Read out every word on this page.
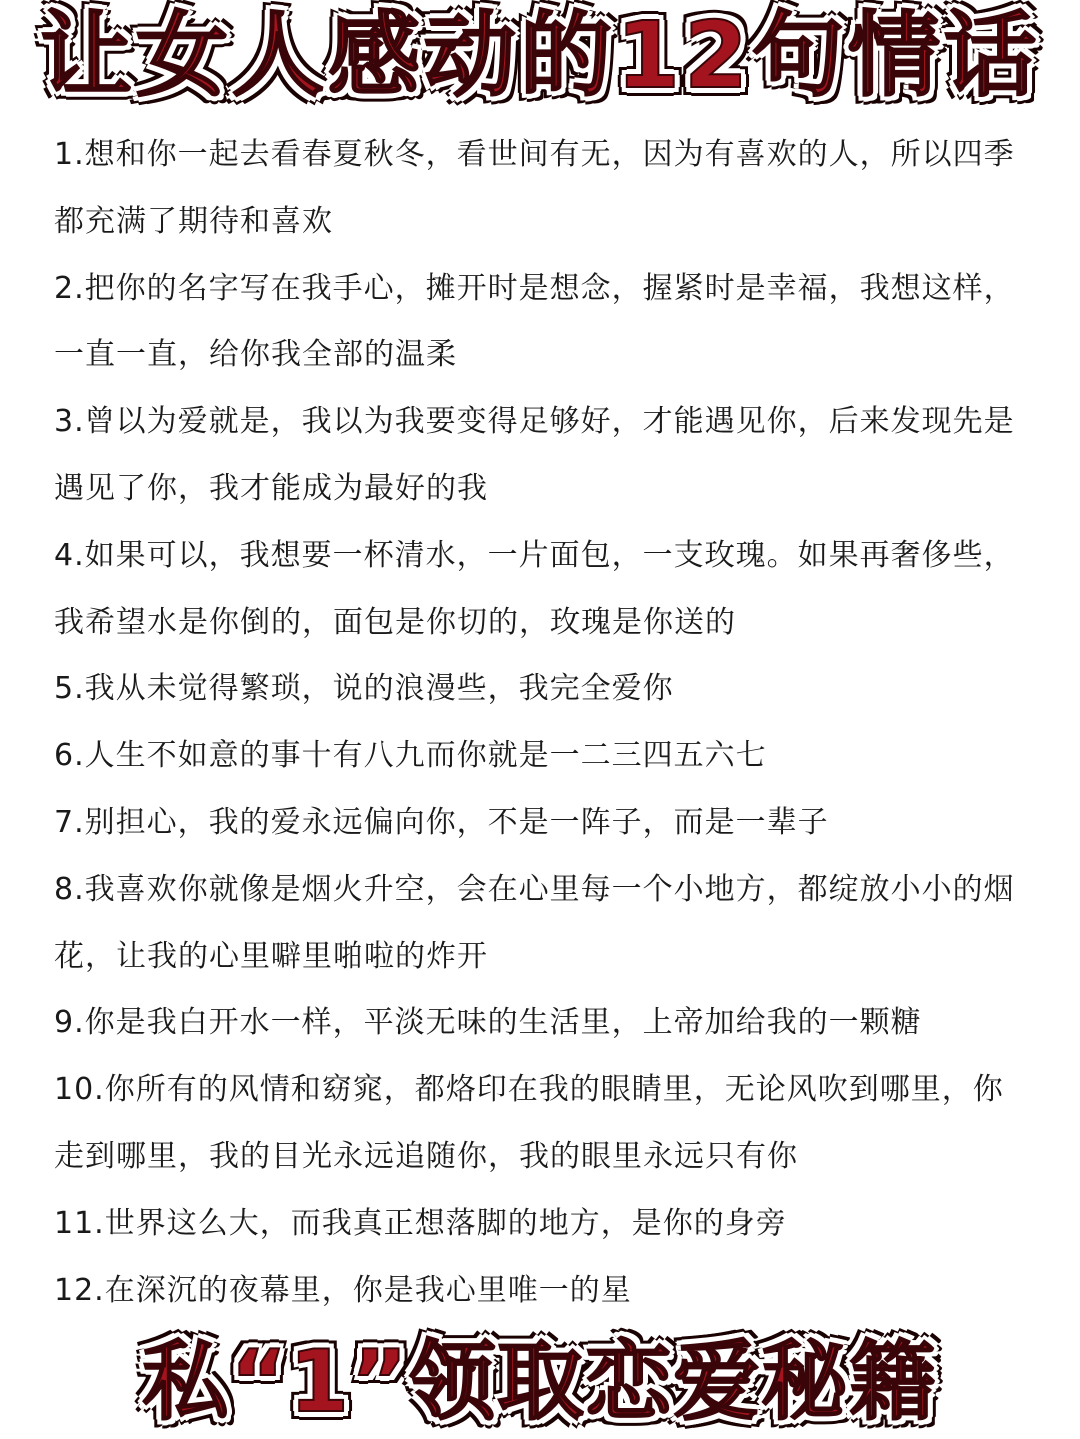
让女人感动的12句情话

1.想和你一起去看春夏秋冬，看世间有无，因为有喜欢的人，所以四季都充满了期待和喜欢

2.把你的名字写在我手心，摊开时是想念，握紧时是幸福，我想这样，一直一直，给你我全部的温柔

3.曾以为爱就是，我以为我要变得足够好，才能遇见你，后来发现先是遇见了你，我才能成为最好的我

4.如果可以，我想要一杯清水，一片面包，一支玫瑰。如果再奢侈些，我希望水是你倒的，面包是你切的，玫瑰是你送的

5.我从未觉得繁琐，说的浪漫些，我完全爱你

6.人生不如意的事十有八九而你就是一二三四五六七

7.别担心，我的爱永远偏向你，不是一阵子，而是一辈子

8.我喜欢你就像是烟火升空，会在心里每一个小地方，都绽放小小的烟花，让我的心里噼里啪啦的炸开

9.你是我白开水一样，平淡无味的生活里，上帝加给我的一颗糖

10.你所有的风情和窈窕，都烙印在我的眼睛里，无论风吹到哪里，你走到哪里，我的目光永远追随你，我的眼里永远只有你

11.世界这么大，而我真正想落脚的地方，是你的身旁

12.在深沉的夜幕里，你是我心里唯一的星

私“1”领取恋爱秘籍
